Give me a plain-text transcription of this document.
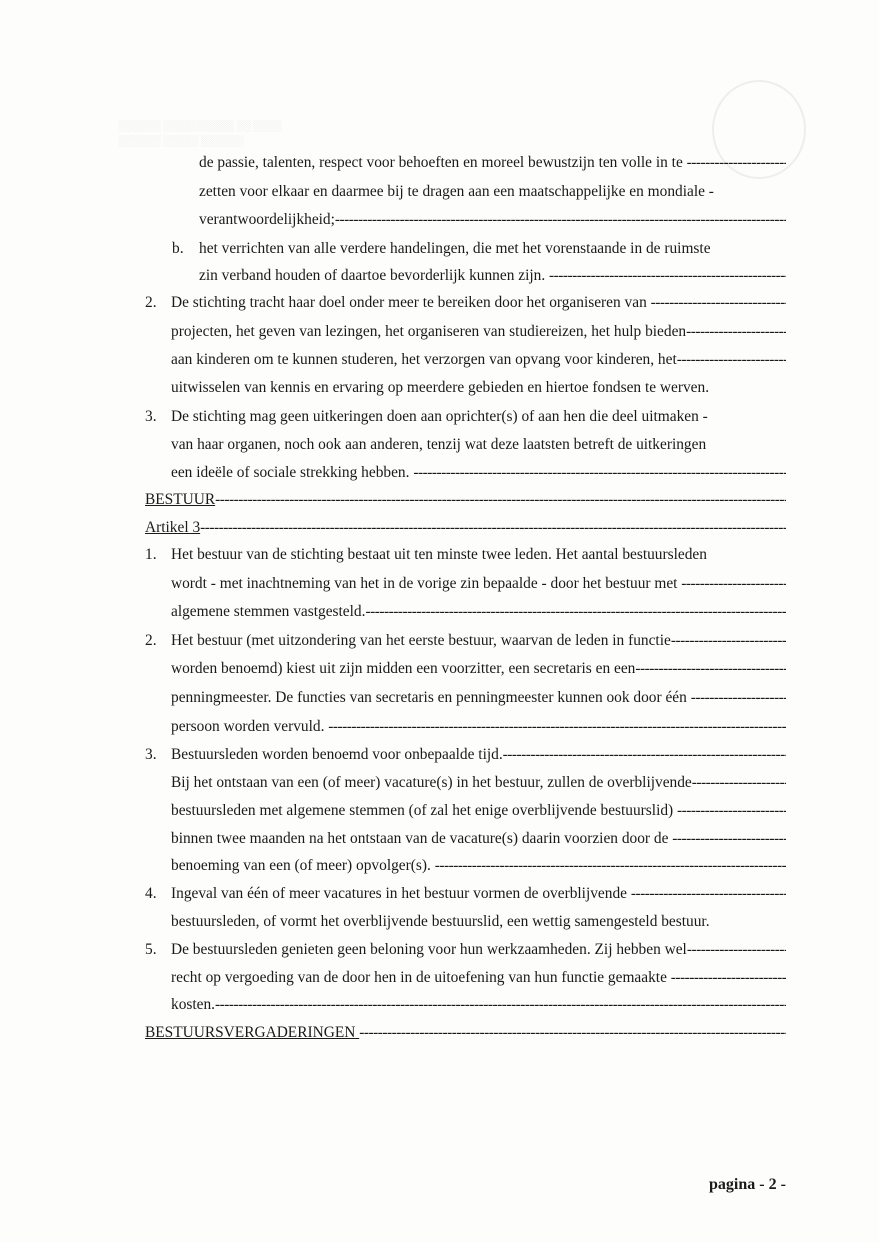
░░░░░░ ░░░░░░░░░░ ░░ ░░░░
░░░░░░ ░░░░░ ░░░░░░
b.
2.
3.
1.
2.
3.
4.
5.
de passie, talenten, respect voor behoeften en moreel bewustzijn ten volle in te  -----
zetten voor elkaar en daarmee bij te dragen aan een maatschappelijke en mondiale -
verantwoordelijkheid; -----
het verrichten van alle verdere handelingen, die met het vorenstaande in de ruimste
zin verband houden of daartoe bevorderlijk kunnen zijn.  -----
De stichting tracht haar doel onder meer te bereiken door het organiseren van  -----
projecten, het geven van lezingen, het organiseren van studiereizen, het hulp bieden -----
aan kinderen om te kunnen studeren, het verzorgen van opvang voor kinderen, het -----
uitwisselen van kennis en ervaring op meerdere gebieden en hiertoe fondsen te werven.
De stichting mag geen uitkeringen doen aan oprichter(s) of aan hen die deel uitmaken -
van haar organen, noch ook aan anderen, tenzij wat deze laatsten betreft de uitkeringen
een ideële of sociale strekking hebben.  -----
BESTUUR -----
Artikel 3 -----
Het bestuur van de stichting bestaat uit ten minste twee leden. Het aantal bestuursleden
wordt - met inachtneming van het in de vorige zin bepaalde - door het bestuur met  -----
algemene stemmen vastgesteld. -----
Het bestuur (met uitzondering van het eerste bestuur, waarvan de leden in functie -----
worden benoemd) kiest uit zijn midden een voorzitter, een secretaris en een -----
penningmeester. De functies van secretaris en penningmeester kunnen ook door één  -----
persoon worden vervuld.  -----
Bestuursleden worden benoemd voor onbepaalde tijd. -----
Bij het ontstaan van een (of meer) vacature(s) in het bestuur, zullen de overblijvende -----
bestuursleden met algemene stemmen (of zal het enige overblijvende bestuurslid)  -----
binnen twee maanden na het ontstaan van de vacature(s) daarin voorzien door de  -----
benoeming van een (of meer) opvolger(s).  -----
Ingeval van één of meer vacatures in het bestuur vormen de overblijvende  -----
bestuursleden, of vormt het overblijvende bestuurslid, een wettig samengesteld bestuur.
De bestuursleden genieten geen beloning voor hun werkzaamheden. Zij hebben wel -----
recht op vergoeding van de door hen in de uitoefening van hun functie gemaakte  -----
kosten. -----
BESTUURSVERGADERINGEN  -----
pagina - 2 -
